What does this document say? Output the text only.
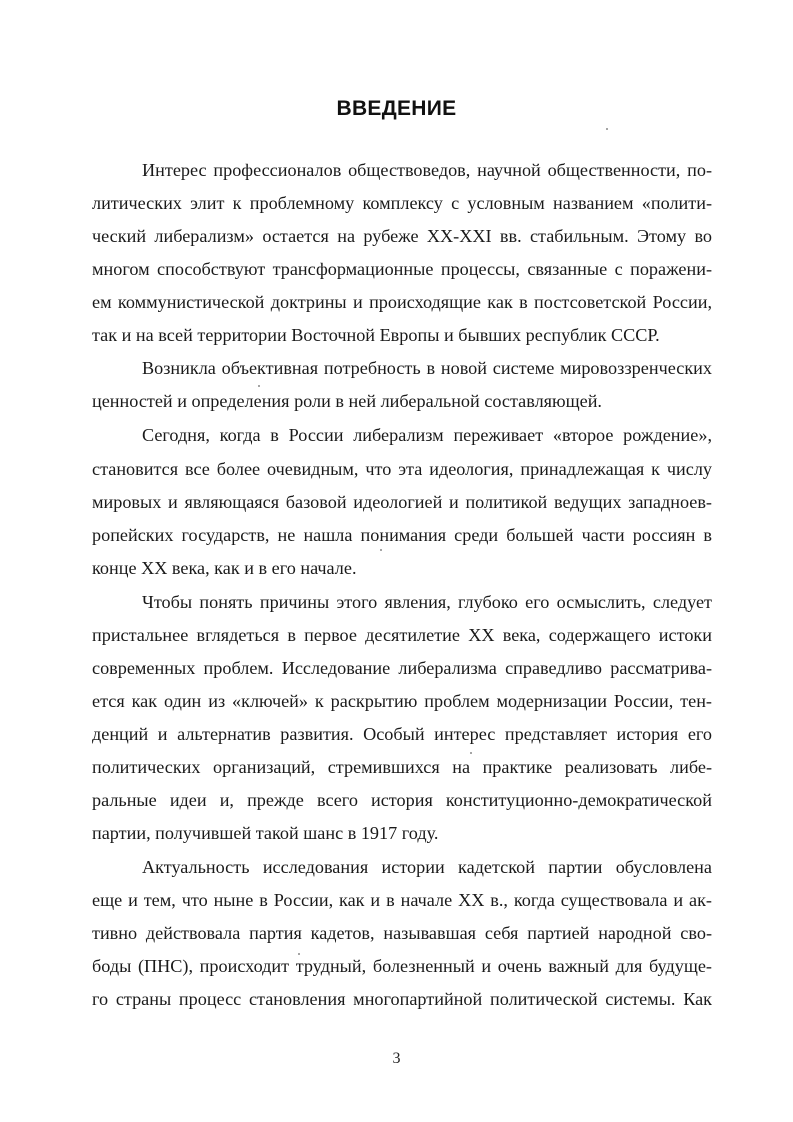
ВВЕДЕНИЕ
Интерес профессионалов обществоведов, научной общественности, по-
литических элит к проблемному комплексу с условным названием «полити-
ческий либерализм» остается на рубеже XX-XXI вв. стабильным. Этому во
многом способствуют трансформационные процессы, связанные с поражени-
ем коммунистической доктрины и происходящие как в постсоветской России,
так и на всей территории Восточной Европы и бывших республик СССР.
Возникла объективная потребность в новой системе мировоззренческих
ценностей и определения роли в ней либеральной составляющей.
Сегодня, когда в России либерализм переживает «второе рождение»,
становится все более очевидным, что эта идеология, принадлежащая к числу
мировых и являющаяся базовой идеологией и политикой ведущих западноев-
ропейских государств, не нашла понимания среди большей части россиян в
конце XX века, как и в его начале.
Чтобы понять причины этого явления, глубоко его осмыслить, следует
пристальнее вглядеться в первое десятилетие XX века, содержащего истоки
современных проблем. Исследование либерализма справедливо рассматрива-
ется как один из «ключей» к раскрытию проблем модернизации России, тен-
денций и альтернатив развития. Особый интерес представляет история его
политических организаций, стремившихся на практике реализовать либе-
ральные идеи и, прежде всего история конституционно-демократической
партии, получившей такой шанс в 1917 году.
Актуальность исследования истории кадетской партии обусловлена
еще и тем, что ныне в России, как и в начале XX в., когда существовала и ак-
тивно действовала партия кадетов, называвшая себя партией народной сво-
боды (ПНС), происходит трудный, болезненный и очень важный для будуще-
го страны процесс становления многопартийной политической системы. Как
3
